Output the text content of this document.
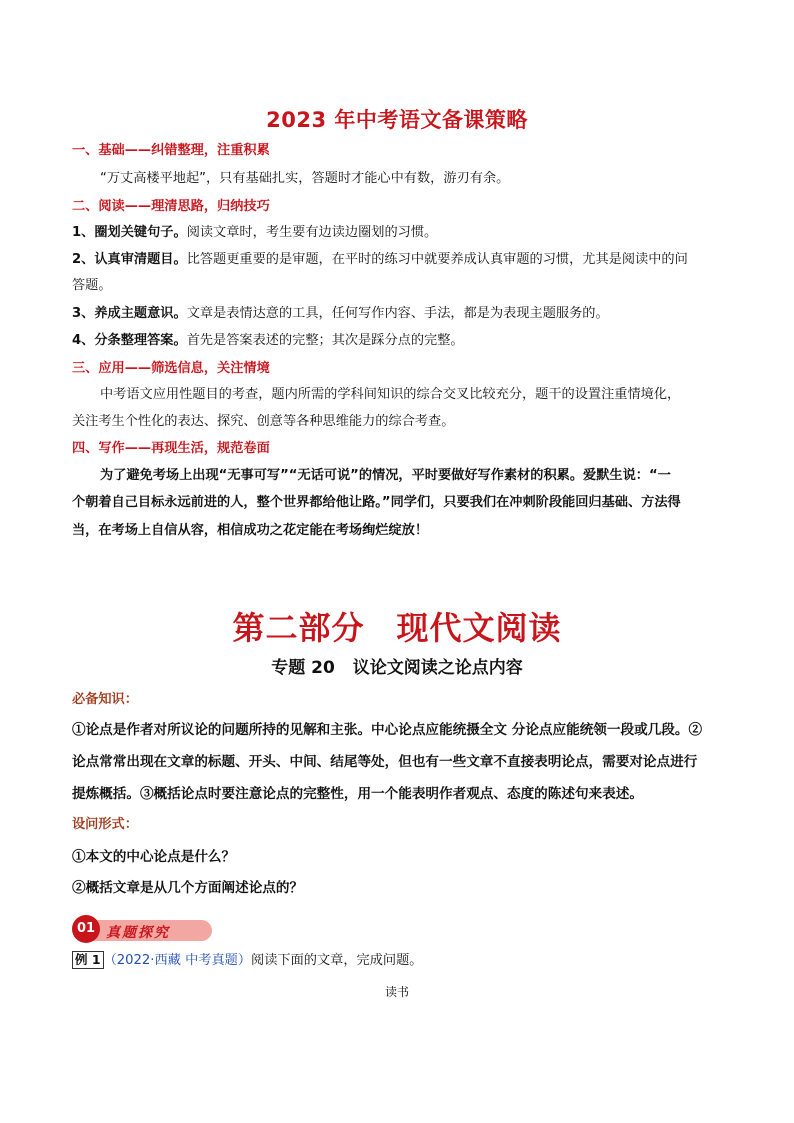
2023 年中考语文备课策略
一、基础——纠错整理，注重积累
“万丈高楼平地起”，只有基础扎实，答题时才能心中有数，游刃有余。
二、阅读——理清思路，归纳技巧
1、圈划关键句子。阅读文章时，考生要有边读边圈划的习惯。
2、认真审清题目。比答题更重要的是审题，在平时的练习中就要养成认真审题的习惯，尤其是阅读中的问
答题。
3、养成主题意识。文章是表情达意的工具，任何写作内容、手法，都是为表现主题服务的。
4、分条整理答案。首先是答案表述的完整；其次是踩分点的完整。
三、应用——筛选信息，关注情境
中考语文应用性题目的考查，题内所需的学科间知识的综合交叉比较充分，题干的设置注重情境化，
关注考生个性化的表达、探究、创意等各种思维能力的综合考查。
四、写作——再现生活，规范卷面
为了避免考场上出现“无事可写”“无话可说”的情况，平时要做好写作素材的积累。爱默生说：“一
个朝着自己目标永远前进的人，整个世界都给他让路。”同学们，只要我们在冲刺阶段能回归基础、方法得
当，在考场上自信从容，相信成功之花定能在考场绚烂绽放！
第二部分 现代文阅读
专题 20 议论文阅读之论点内容
必备知识：
①论点是作者对所议论的问题所持的见解和主张。中心论点应能统摄全文 分论点应能统领一段或几段。②
论点常常出现在文章的标题、开头、中间、结尾等处，但也有一些文章不直接表明论点，需要对论点进行
提炼概括。③概括论点时要注意论点的完整性，用一个能表明作者观点、态度的陈述句来表述。
设问形式：
①本文的中心论点是什么？
②概括文章是从几个方面阐述论点的？
01 真题探究
例 1 （2022·西藏 中考真题）阅读下面的文章，完成问题。
读书
